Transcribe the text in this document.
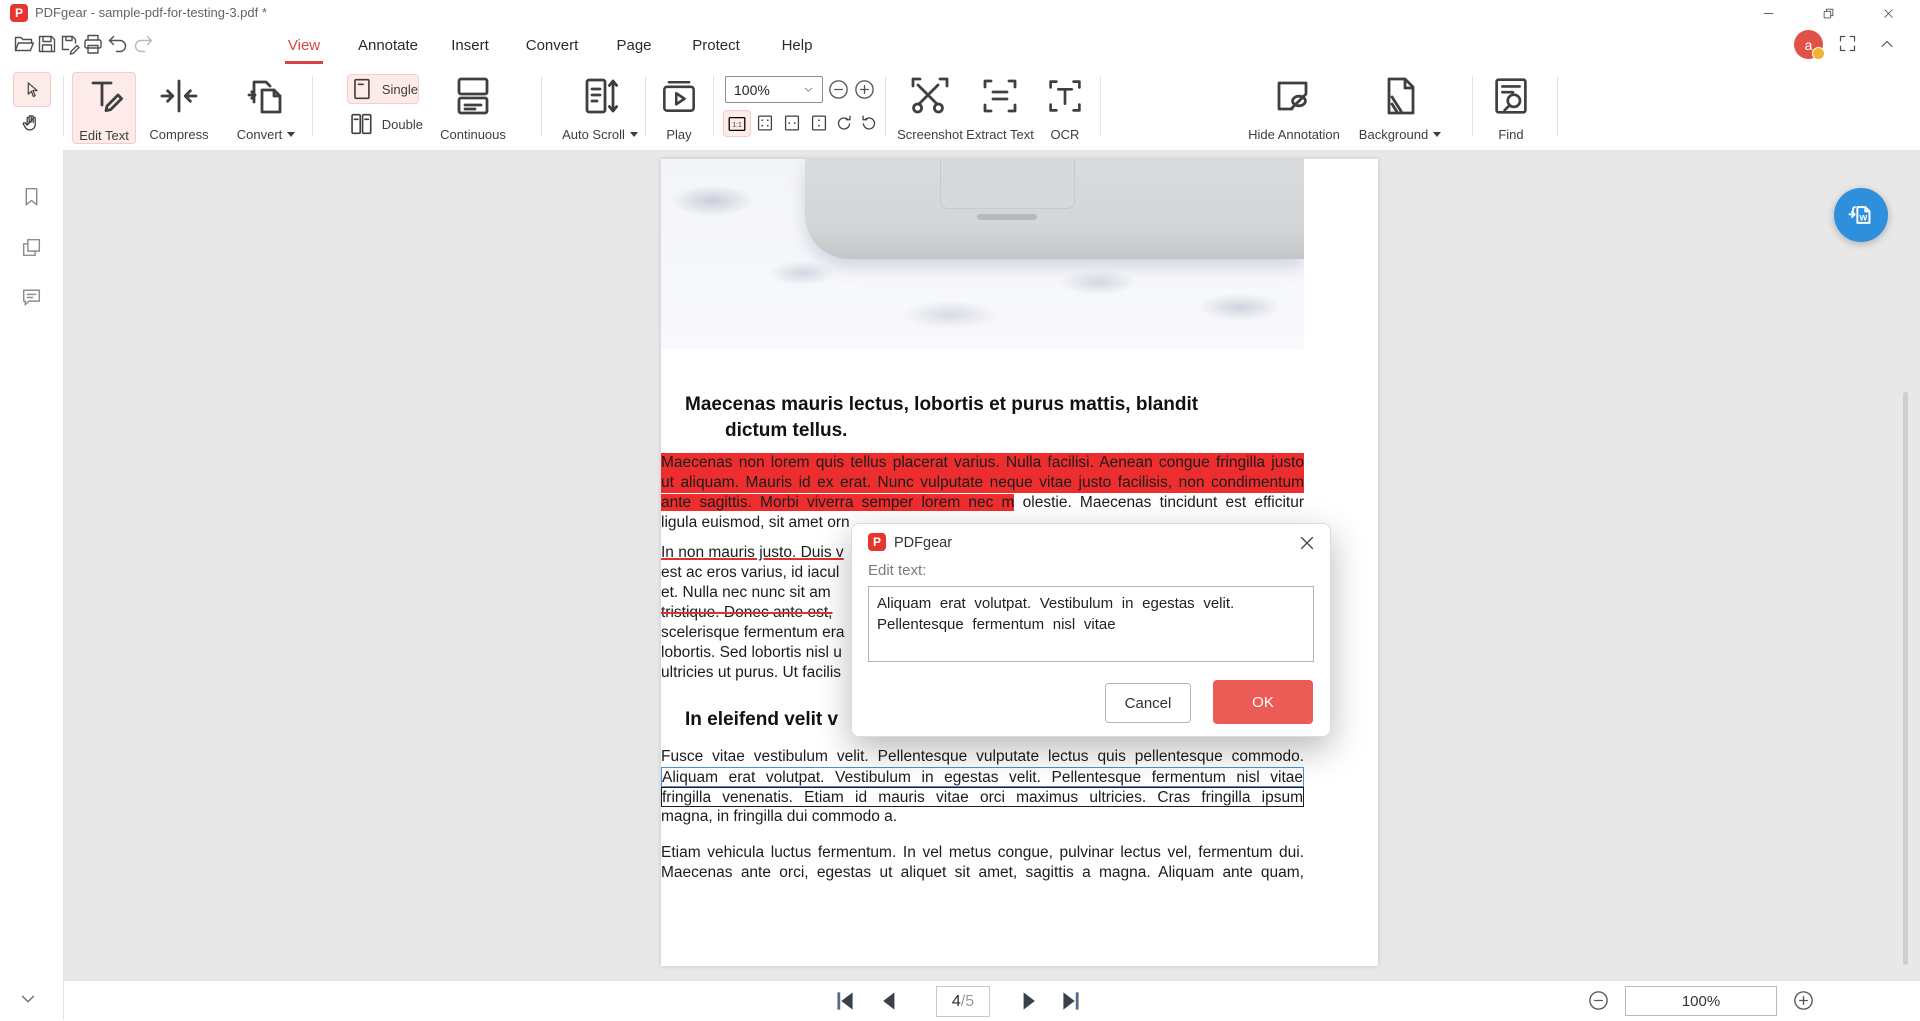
P PDFgear - sample-pdf-for-testing-3.pdf *
View	Annotate Insert Convert	Page	Protect	Help	a
Edit Text Compress Convert
Single
Double
Continuous	Auto Scroll	Play
100%
1:1
Screenshot Extract Text OCR	Hide Annotation Background	Find
Maecenas mauris lectus, lobortis et purus mattis, blandit
dictum tellus.
Maecenas non lorem quis tellus placerat varius. Nulla facilisi. Aenean congue fringilla justo
ut aliquam. Mauris id ex erat. Nunc vulputate neque vitae justo facilisis, non condimentum
ante sagittis. Morbi viverra semper lorem nec m olestie. Maecenas tincidunt est efficitur
ligula euismod, sit amet orn
In non mauris justo. Duis v
est ac eros varius, id iacul
et. Nulla nec nunc sit am
tristique. Donec ante est,
scelerisque fermentum era
lobortis. Sed lobortis nisl u
ultricies ut purus. Ut facilis
In eleifend velit v
Fusce vitae vestibulum velit. Pellentesque vulputate lectus quis pellentesque commodo.
Aliquam erat volutpat. Vestibulum in egestas velit. Pellentesque fermentum nisl vitae
fringilla venenatis. Etiam id mauris vitae orci maximus ultricies. Cras fringilla ipsum
magna, in fringilla dui commodo a.
Etiam vehicula luctus fermentum. In vel metus congue, pulvinar lectus vel, fermentum dui.
Maecenas ante orci, egestas ut aliquet sit amet, sagittis a magna. Aliquam ante quam,
w
P PDFgear
Edit text:
Aliquam erat volutpat. Vestibulum in egestas velit.
Pellentesque fermentum nisl vitae
Cancel	OK
4 /5	100%
